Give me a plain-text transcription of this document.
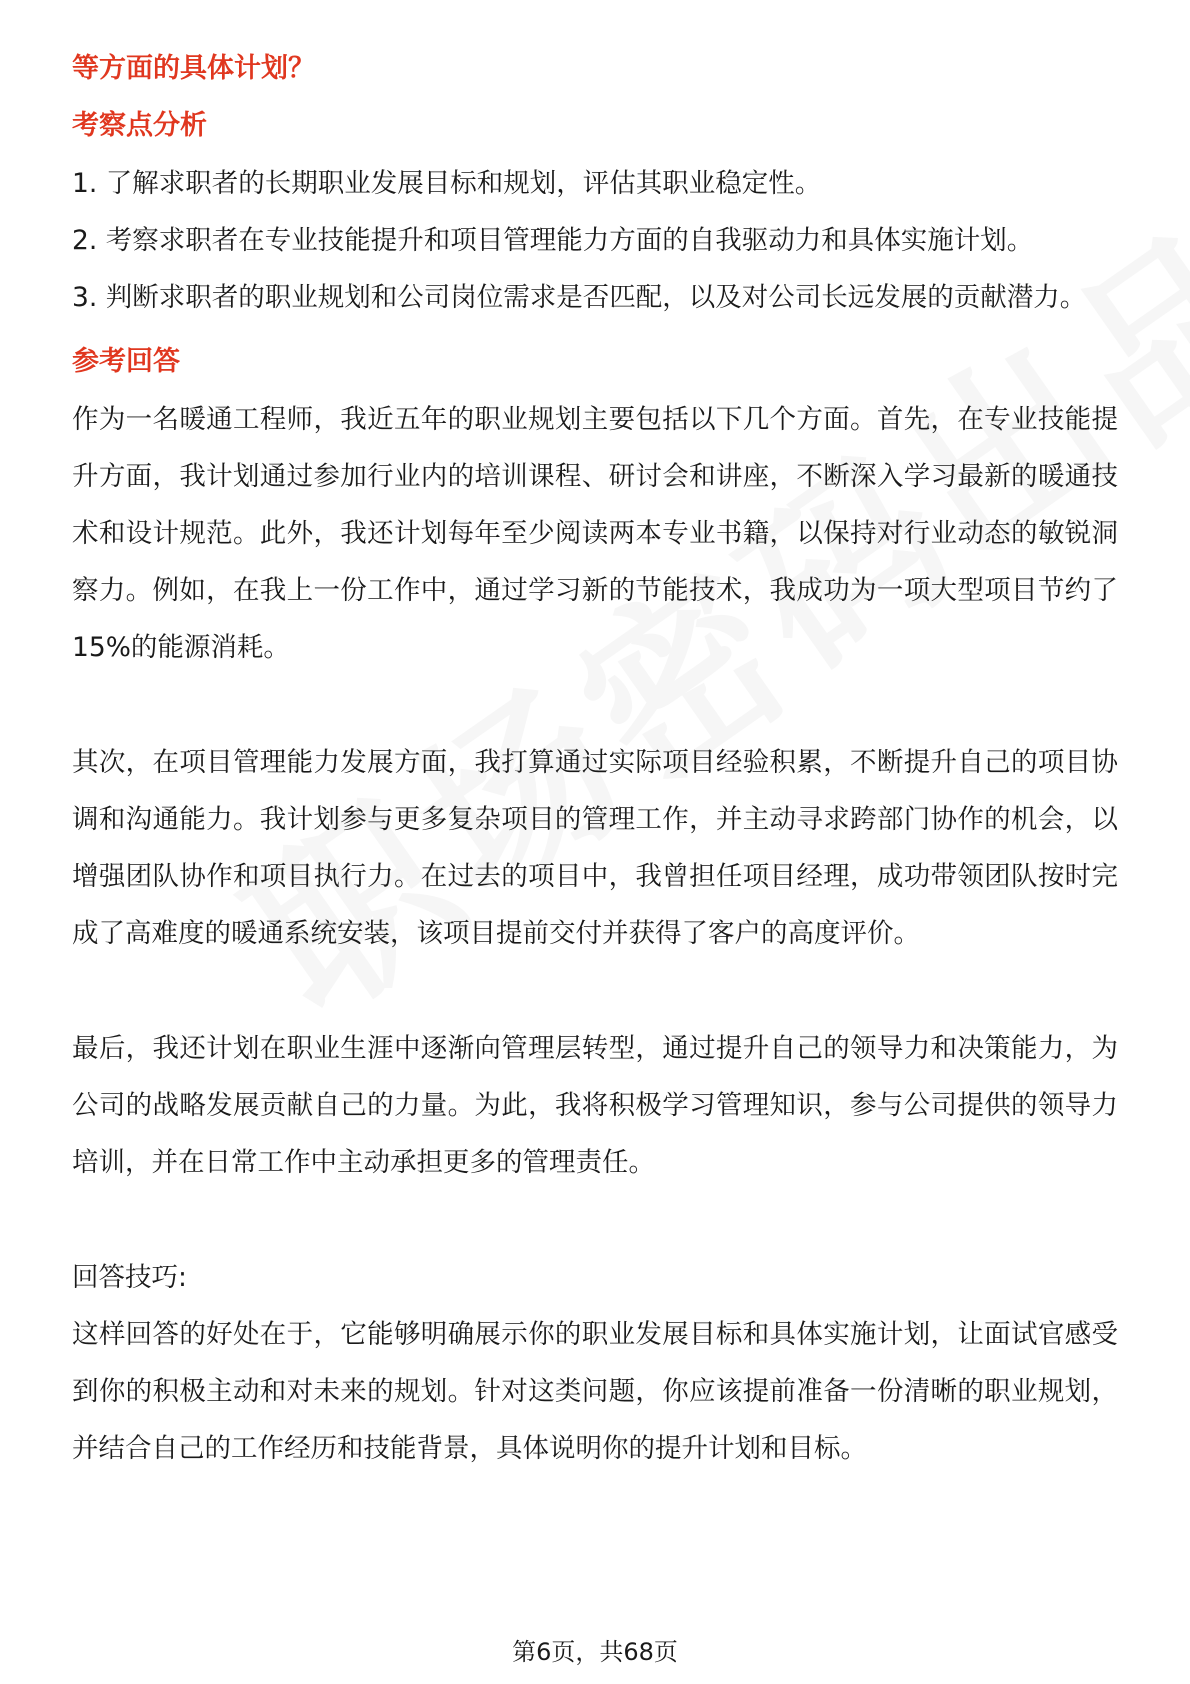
等方面的具体计划？

考察点分析

1. 了解求职者的长期职业发展目标和规划，评估其职业稳定性。

2. 考察求职者在专业技能提升和项目管理能力方面的自我驱动力和具体实施计划。

3. 判断求职者的职业规划和公司岗位需求是否匹配，以及对公司长远发展的贡献潜力。

参考回答

作为一名暖通工程师，我近五年的职业规划主要包括以下几个方面。首先，在专业技能提升方面，我计划通过参加行业内的培训课程、研讨会和讲座，不断深入学习最新的暖通技术和设计规范。此外，我还计划每年至少阅读两本专业书籍，以保持对行业动态的敏锐洞察力。例如，在我上一份工作中，通过学习新的节能技术，我成功为一项大型项目节约了15%的能源消耗。

其次，在项目管理能力发展方面，我打算通过实际项目经验积累，不断提升自己的项目协调和沟通能力。我计划参与更多复杂项目的管理工作，并主动寻求跨部门协作的机会，以增强团队协作和项目执行力。在过去的项目中，我曾担任项目经理，成功带领团队按时完成了高难度的暖通系统安装，该项目提前交付并获得了客户的高度评价。

最后，我还计划在职业生涯中逐渐向管理层转型，通过提升自己的领导力和决策能力，为公司的战略发展贡献自己的力量。为此，我将积极学习管理知识，参与公司提供的领导力培训，并在日常工作中主动承担更多的管理责任。

回答技巧:

这样回答的好处在于，它能够明确展示你的职业发展目标和具体实施计划，让面试官感受到你的积极主动和对未来的规划。针对这类问题，你应该提前准备一份清晰的职业规划，并结合自己的工作经历和技能背景，具体说明你的提升计划和目标。

第6页，共68页
